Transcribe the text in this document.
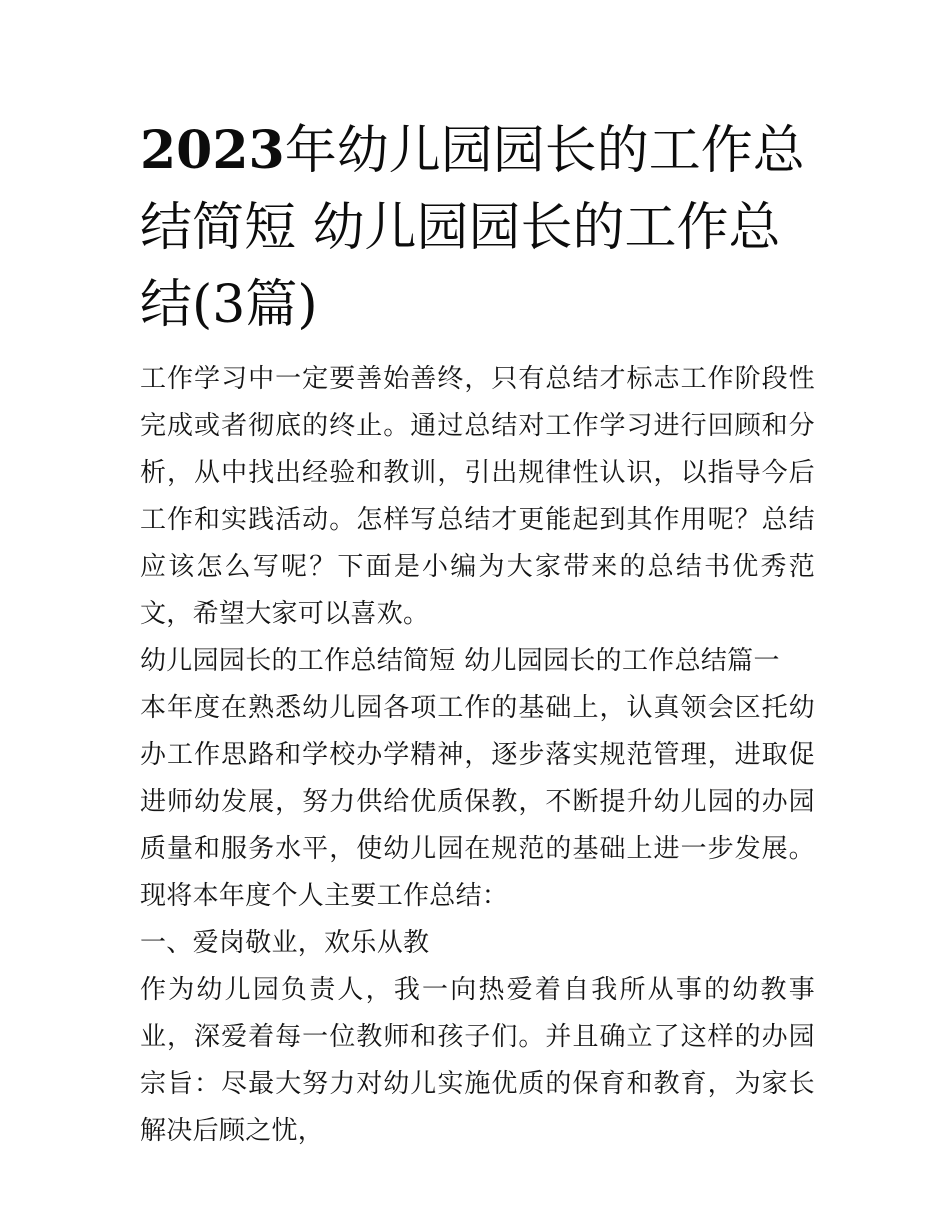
2023年幼儿园园长的工作总结简短 幼儿园园长的工作总结(3篇)

工作学习中一定要善始善终，只有总结才标志工作阶段性完成或者彻底的终止。通过总结对工作学习进行回顾和分析，从中找出经验和教训，引出规律性认识，以指导今后工作和实践活动。怎样写总结才更能起到其作用呢？总结应该怎么写呢？下面是小编为大家带来的总结书优秀范文，希望大家可以喜欢。

幼儿园园长的工作总结简短 幼儿园园长的工作总结篇一

本年度在熟悉幼儿园各项工作的基础上，认真领会区托幼办工作思路和学校办学精神，逐步落实规范管理，进取促进师幼发展，努力供给优质保教，不断提升幼儿园的办园质量和服务水平，使幼儿园在规范的基础上进一步发展。现将本年度个人主要工作总结：

一、爱岗敬业，欢乐从教

作为幼儿园负责人，我一向热爱着自我所从事的幼教事业，深爱着每一位教师和孩子们。并且确立了这样的办园宗旨：尽最大努力对幼儿实施优质的保育和教育，为家长解决后顾之忧，
